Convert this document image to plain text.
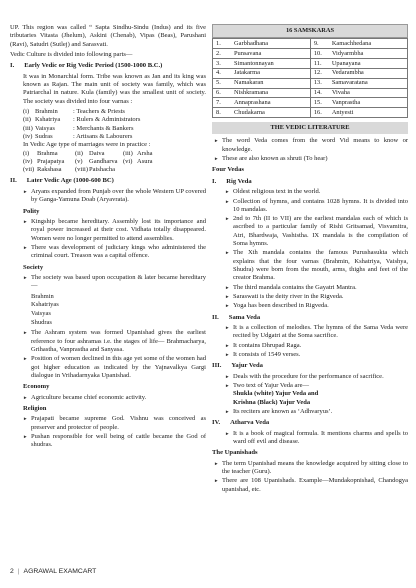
UP. This region was called “ Sapta Sindhu-Sindu (Indus) and its five tributaries Vitasta (Jhelum), Askini (Chenab), Vipas (Beas), Parushani (Ravi), Satudri (Sutlej) and Sarasvati.

Vedic Culture is divided into following parts—

I. Early Vedic or Rig Vedic Period (1500-1000 B.C.)

It was in Monarchial form. Tribe was known as Jan and its king was known as Rajan. The main unit of society was family, which was Patriarchal in nature. Kula (family) was the smallest unit of society. The society was divided into four varnas :

(i) Brahmin	: Teachers & Priests
(ii) Kshatriya	: Rulers & Administrators
(iii) Vaisyas	: Merchants & Bankers
(iv) Sudras	: Artisans & Labourers

In Vedic Age type of marriages were in practice :

(i)	Brahma	(ii) Daiva	(iii) Arsha
(iv) Prajapatya	(v) Gandharva (vi) Asura
(vii) Rakshasa	(viii) Paishacha
II. Later Vedic Age (1000-600 BC)
► Aryans expanded from Punjab over the whole Western UP covered by Ganga-Yamuna Doab (Aryavrata).
Polity
► Kingship became hereditary. Assembly lost its importance and royal power increased at their cost. Vidhata totally disappeared. Women were no longer permitted to attend assemblies.
► There was development of judiciary kings who administered the criminal court. Treason was a capital offence.
Society
► The society was based upon occupation & later became hereditary—
Brahmin
Kshatriyas
Vaisyas
Shudras
► The Ashram system was formed Upanishad gives the earliest reference to four ashramas i.e. the stages of life— Brahmacharya, Grihastha, Vanprastha and Sanyasa.
► Position of women declined in this age yet some of the women had got higher education as indicated by the Yajnavalkya Gargi dialogue in Vrihadarnyaka Upanishad.
Economy
► Agriculture became chief economic activity.
Religion
► Prajapati became supreme God. Vishnu was conceived as preserver and protector of people.
► Pushan responsible for well being of cattle became the God of shudras.
16 SAMSKARAS
1.	Garbhadhana	9.	Kamachhedana
2.	Punsavana	10.	Vidyarmbha
3.	Simantonnayan	11.	Upanayana
4.	Jatakarma	12.	Vedarambha
5.	Namakaran	13.	Samavaratana
6.	Nishkramana	14.	Vivaha
7.	Annaprashana	15.	Vanprastha
8.	Chudakarna	16.	Antyesti
THE VEDIC LITERATURE
► The word Veda comes from the word Vid means to know or knowledge.
► These are also known as shruti (To hear)
Four Vedas
I. Rig Veda
► Oldest religious text in the world.
► Collection of hymns, and contains 1028 hymns. It is divided into 10 mandalas.
► 2nd to 7th (II to VII) are the earliest mandalas each of which is ascribed to a particular family of Rishi Gritsamad, Visvamitra, Atri, Bhardwaja, Vashistha. IX mandala is the compilation of Soma hymns.
► The Xth mandala contains the famous Purushasukta which explains that the four varnas (Brahmin, Kshatriya, Vaishya, Shudra) were born from the mouth, arms, thighs and feet of the creator Brahma.
► The third mandala contains the Gayatri Mantra.
► Saraswati is the deity river in the Rigveda.
► Yoga has been described in Rigveda.
II. Sama Veda
► It is a collection of melodies. The hymns of the Sama Veda were recited by Udgatri at the Soma sacrifice.
► It contains Dhrupad Raga.
► It consists of 1549 verses.
III. Yajur Veda
► Deals with the procedure for the performance of sacrifice.
► Two text of Yajur Veda are—
Shukla (white) Yajur Veda and
Krishna (Black) Yajur Veda
► Its reciters are known as ‘Adhvaryus’.
IV. Atharva Veda
► It is a book of magical formula. It mentions charms and spells to ward off evil and disease.
The Upanishads
► The term Upanishad means the knowledge acquired by sitting close to the teacher (Guru).
► There are 108 Upanishads. Example—Mundakopnishad, Chandogya upanishad, etc.
2 | AGRAWAL EXAMCART
